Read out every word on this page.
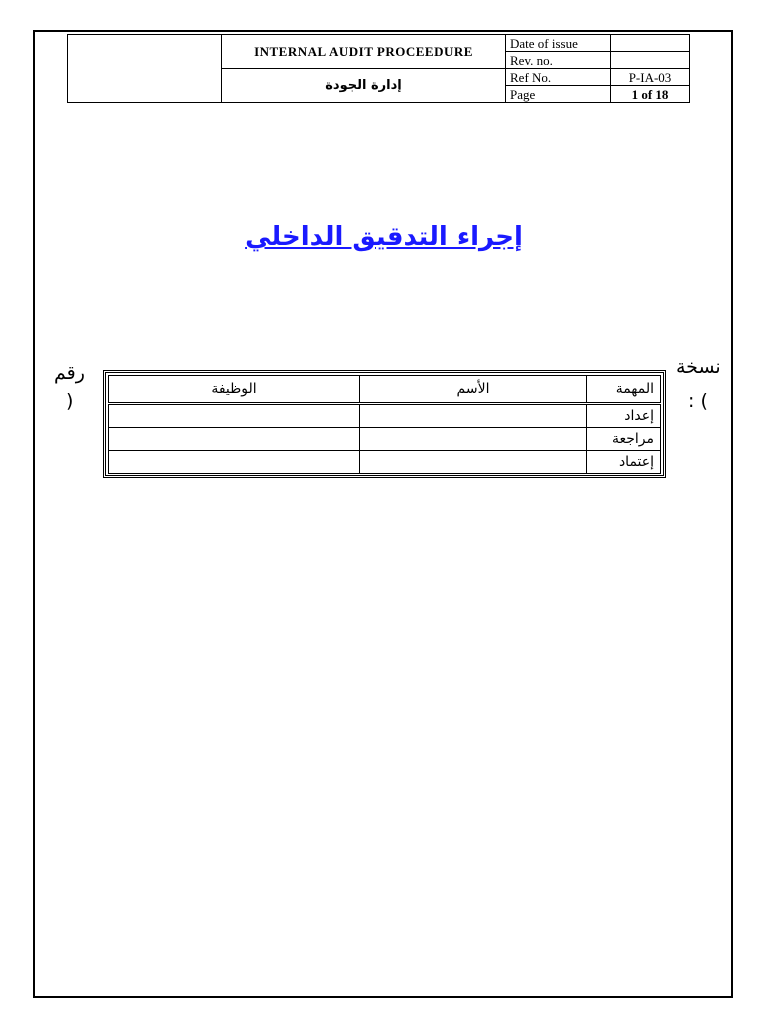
	INTERNAL AUDIT PROCEEDURE	Date of issue	
		Rev. no.	
	إدارة الجودة	Ref No.	P-IA-03
		Page	1 of 18
إجراء التدقيق الداخلي
نسخة
: (
رقم
)
الوظيفة	الأسم	المهمة
		إعداد
		مراجعة
		إعتماد
